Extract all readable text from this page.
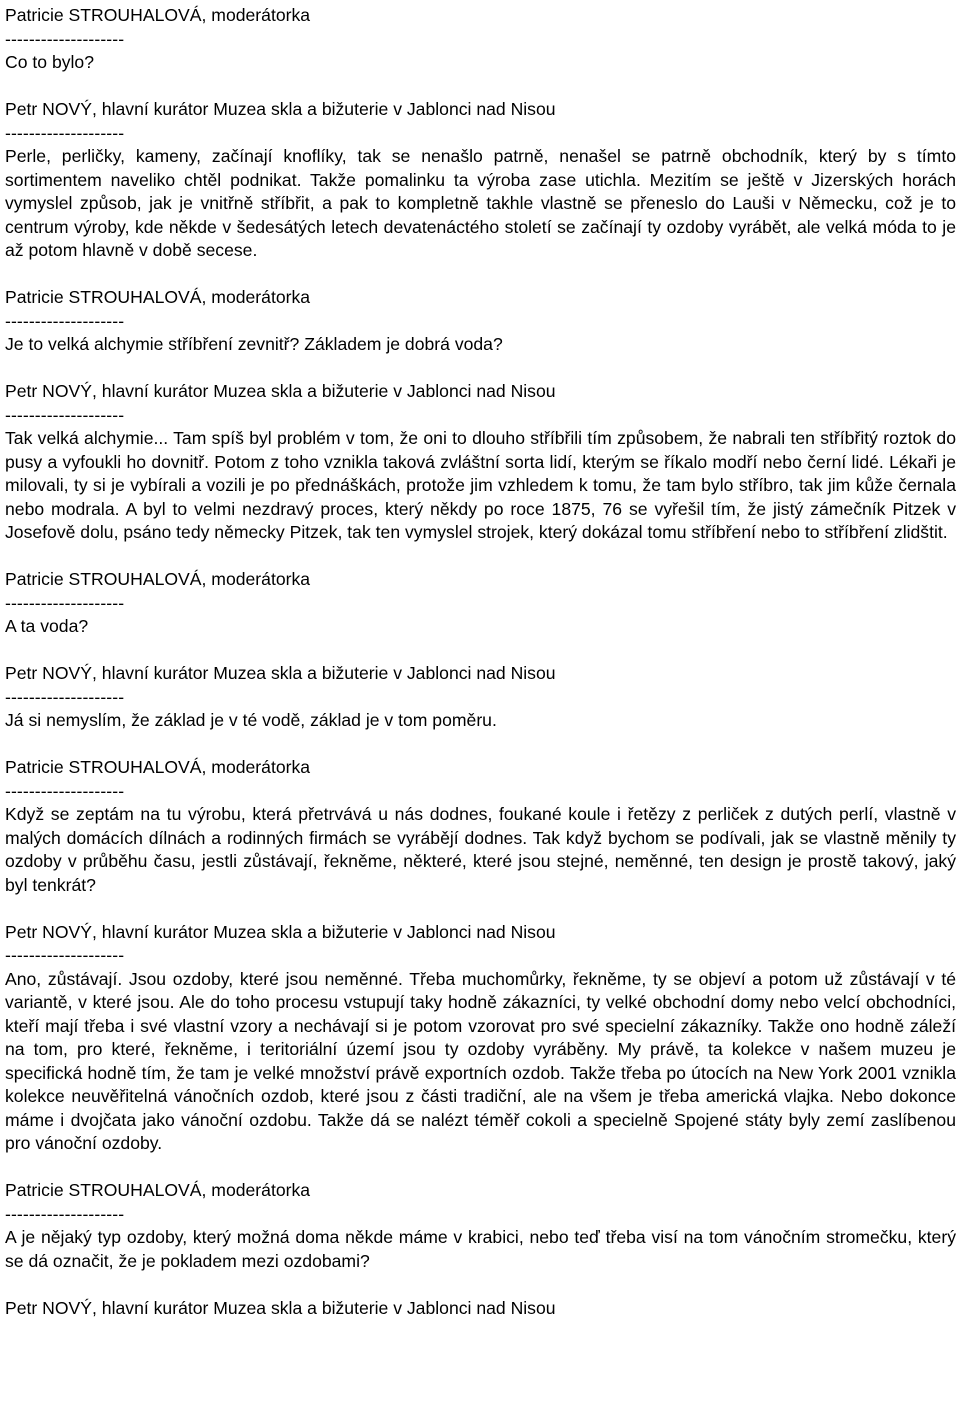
Patricie STROUHALOVÁ, moderátorka
--------------------
Co to bylo?
Petr NOVÝ, hlavní kurátor Muzea skla a bižuterie v Jablonci nad Nisou
--------------------
Perle, perličky, kameny, začínají knoflíky, tak se nenašlo patrně, nenašel se patrně obchodník, který by s tímto sortimentem naveliko chtěl podnikat. Takže pomalinku ta výroba zase utichla. Mezitím se ještě v Jizerských horách vymyslel způsob, jak je vnitřně stříbřit, a pak to kompletně takhle vlastně se přeneslo do Lauši v Německu, což je to centrum výroby, kde někde v šedesátých letech devatenáctého století se začínají ty ozdoby vyrábět, ale velká móda to je až potom hlavně v době secese.
Patricie STROUHALOVÁ, moderátorka
--------------------
Je to velká alchymie stříbření zevnitř? Základem je dobrá voda?
Petr NOVÝ, hlavní kurátor Muzea skla a bižuterie v Jablonci nad Nisou
--------------------
Tak velká alchymie... Tam spíš byl problém v tom, že oni to dlouho stříbřili tím způsobem, že nabrali ten stříbřitý roztok do pusy a vyfoukli ho dovnitř. Potom z toho vznikla taková zvláštní sorta lidí, kterým se říkalo modří nebo černí lidé. Lékaři je milovali, ty si je vybírali a vozili je po přednáškách, protože jim vzhledem k tomu, že tam bylo stříbro, tak jim kůže černala nebo modrala. A byl to velmi nezdravý proces, který někdy po roce 1875, 76 se vyřešil tím, že jistý zámečník Pitzek v Josefově dolu, psáno tedy německy Pitzek, tak ten vymyslel strojek, který dokázal tomu stříbření nebo to stříbření zlidštit.
Patricie STROUHALOVÁ, moderátorka
--------------------
A ta voda?
Petr NOVÝ, hlavní kurátor Muzea skla a bižuterie v Jablonci nad Nisou
--------------------
Já si nemyslím, že základ je v té vodě, základ je v tom poměru.
Patricie STROUHALOVÁ, moderátorka
--------------------
Když se zeptám na tu výrobu, která přetrvává u nás dodnes, foukané koule i řetězy z perliček z dutých perlí, vlastně v malých domácích dílnách a rodinných firmách se vyrábějí dodnes. Tak když bychom se podívali, jak se vlastně měnily ty ozdoby v průběhu času, jestli zůstávají, řekněme, některé, které jsou stejné, neměnné, ten design je prostě takový, jaký byl tenkrát?
Petr NOVÝ, hlavní kurátor Muzea skla a bižuterie v Jablonci nad Nisou
--------------------
Ano, zůstávají. Jsou ozdoby, které jsou neměnné. Třeba muchomůrky, řekněme, ty se objeví a potom už zůstávají v té variantě, v které jsou. Ale do toho procesu vstupují taky hodně zákazníci, ty velké obchodní domy nebo velcí obchodníci, kteří mají třeba i své vlastní vzory a nechávají si je potom vzorovat pro své specielní zákazníky. Takže ono hodně záleží na tom, pro které, řekněme, i teritoriální území jsou ty ozdoby vyráběny. My právě, ta kolekce v našem muzeu je specifická hodně tím, že tam je velké množství právě exportních ozdob. Takže třeba po útocích na New York 2001 vznikla kolekce neuvěřitelná vánočních ozdob, které jsou z části tradiční, ale na všem je třeba americká vlajka. Nebo dokonce máme i dvojčata jako vánoční ozdobu. Takže dá se nalézt téměř cokoli a specielně Spojené státy byly zemí zaslíbenou pro vánoční ozdoby.
Patricie STROUHALOVÁ, moderátorka
--------------------
A je nějaký typ ozdoby, který možná doma někde máme v krabici, nebo teď třeba visí na tom vánočním stromečku, který se dá označit, že je pokladem mezi ozdobami?
Petr NOVÝ, hlavní kurátor Muzea skla a bižuterie v Jablonci nad Nisou
